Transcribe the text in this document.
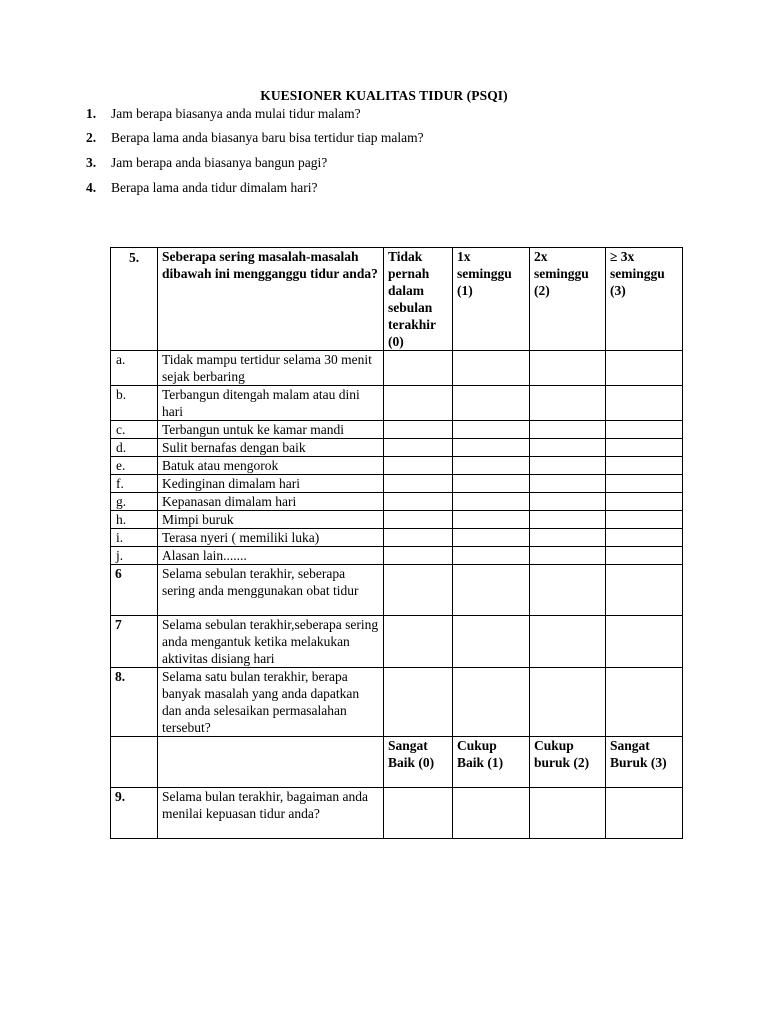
KUESIONER KUALITAS TIDUR (PSQI)
1. Jam berapa biasanya anda mulai tidur malam?
2. Berapa lama anda biasanya baru bisa tertidur tiap malam?
3. Jam berapa anda biasanya bangun pagi?
4. Berapa lama anda tidur dimalam hari?
5.	Seberapa sering masalah-masalah dibawah ini mengganggu tidur anda?	Tidak pernah dalam sebulan terakhir (0)	1x seminggu (1)	2x seminggu (2)	≥ 3x seminggu (3)
a.	Tidak mampu tertidur selama 30 menit sejak berbaring				
b.	Terbangun ditengah malam atau dini hari				
c.	Terbangun untuk ke kamar mandi				
d.	Sulit bernafas dengan baik				
e.	Batuk atau mengorok				
f.	Kedinginan dimalam hari				
g.	Kepanasan dimalam hari				
h.	Mimpi buruk				
i.	Terasa nyeri ( memiliki luka)				
j.	Alasan lain.......				
6	Selama sebulan terakhir, seberapa sering anda menggunakan obat tidur				
7	Selama sebulan terakhir,seberapa sering anda mengantuk ketika melakukan aktivitas disiang hari				
8.	Selama satu bulan terakhir, berapa banyak masalah yang anda dapatkan dan anda selesaikan permasalahan tersebut?				
		Sangat Baik (0)	Cukup Baik (1)	Cukup buruk (2)	Sangat Buruk (3)
9.	Selama bulan terakhir, bagaiman anda menilai kepuasan tidur anda?				
